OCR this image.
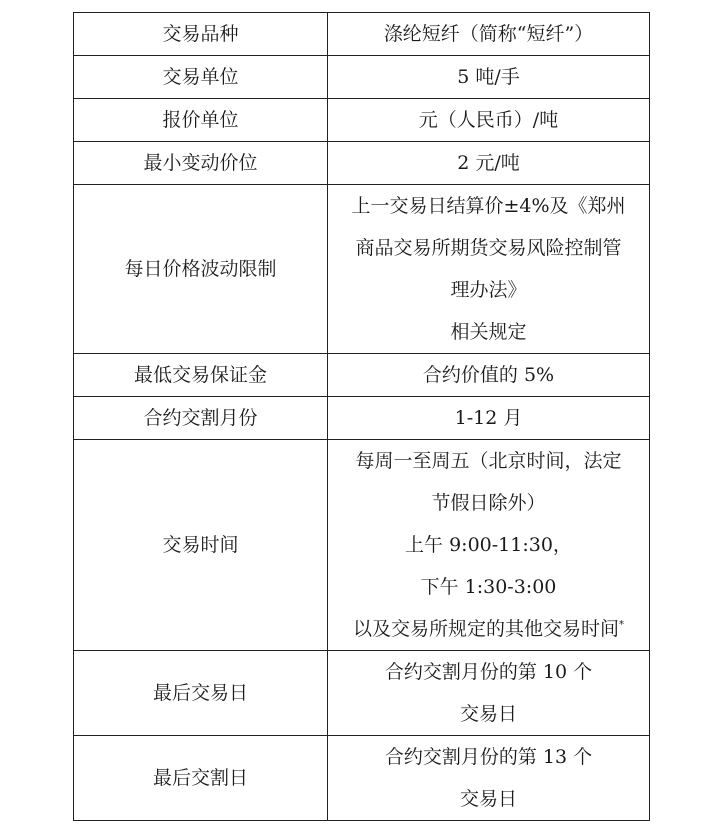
交易品种	涤纶短纤（简称“短纤”）

交易单位	5 吨/手

报价单位	元（人民币）/吨

最小变动价位	2 元/吨

每日价格波动限制	上一交易日结算价±4%及《郑州
商品交易所期货交易风险控制管
理办法》
相关规定

最低交易保证金	合约价值的 5%

合约交割月份	1-12 月

交易时间	每周一至周五（北京时间，法定
节假日除外）
上午 9:00-11:30，
下午 1:30-3:00
以及交易所规定的其他交易时间*

最后交易日	合约交割月份的第 10 个
交易日

最后交割日	合约交割月份的第 13 个
交易日
